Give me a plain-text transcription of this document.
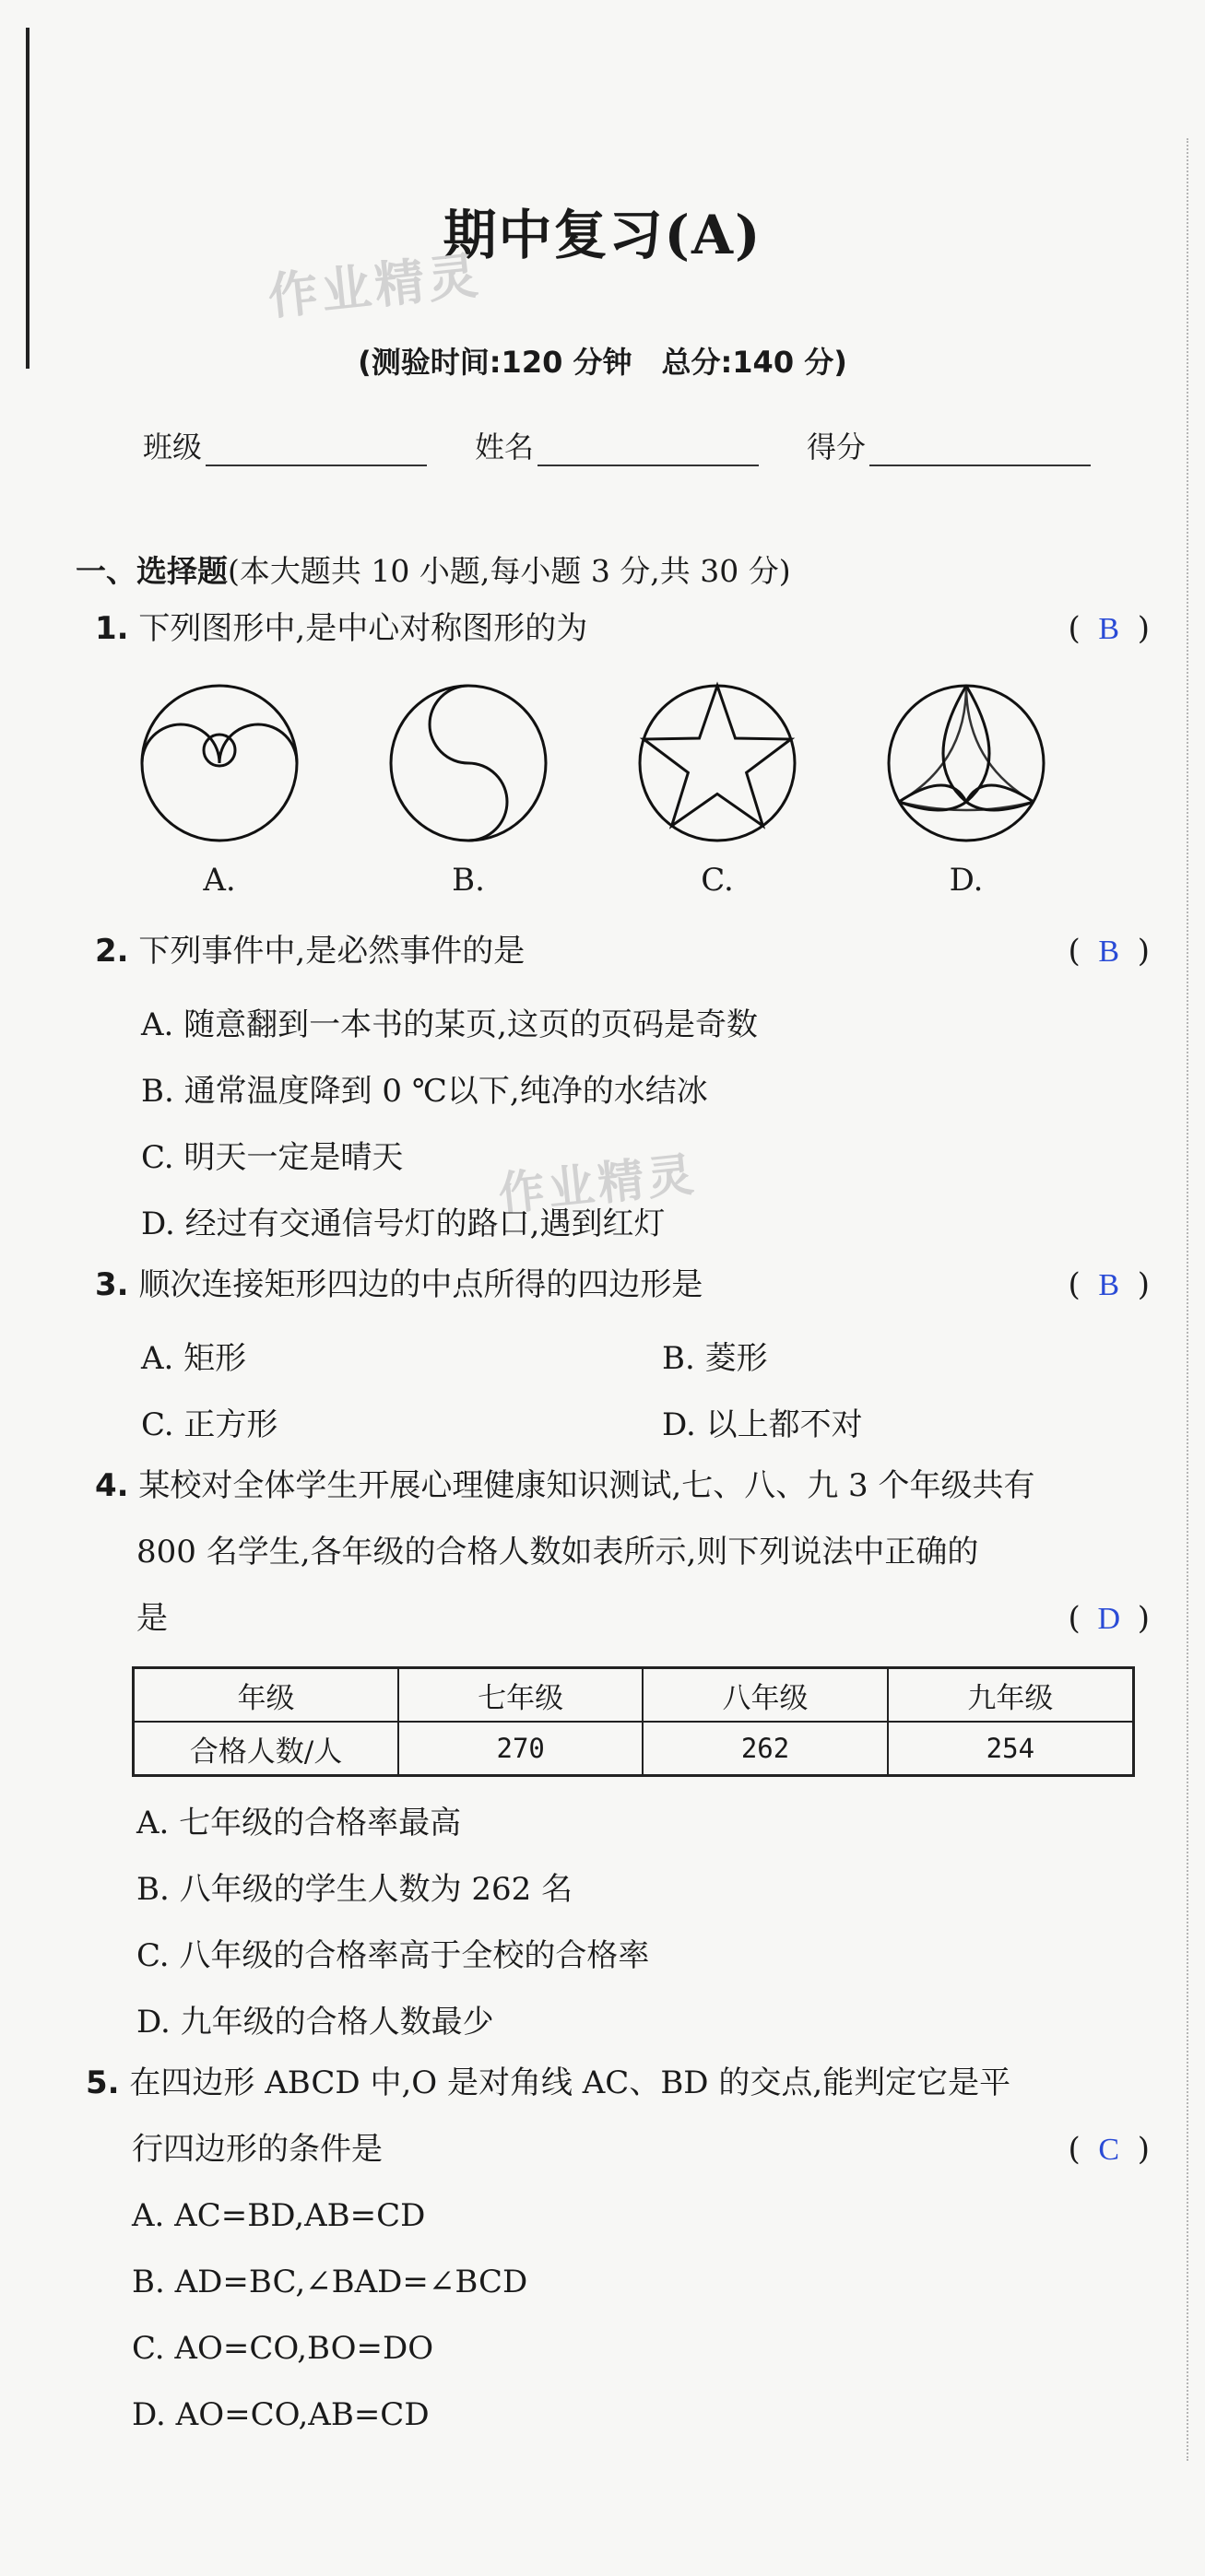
期中复习(A)
作业精灵
作业精灵
(测验时间:120 分钟　总分:140 分)
班级	姓名	得分
一、选择题(本大题共 10 小题,每小题 3 分,共 30 分)
1. 下列图形中,是中心对称图形的为	( B )
A.	B.	C.	D.
2. 下列事件中,是必然事件的是	( B )
A. 随意翻到一本书的某页,这页的页码是奇数
B. 通常温度降到 0 ℃以下,纯净的水结冰
C. 明天一定是晴天
D. 经过有交通信号灯的路口,遇到红灯
3. 顺次连接矩形四边的中点所得的四边形是	( B )
A. 矩形	B. 菱形
C. 正方形	D. 以上都不对
4. 某校对全体学生开展心理健康知识测试,七、八、九 3 个年级共有
800 名学生,各年级的合格人数如表所示,则下列说法中正确的
是	( D )
年级	七年级	八年级	九年级
合格人数/人	270	262	254
A. 七年级的合格率最高
B. 八年级的学生人数为 262 名
C. 八年级的合格率高于全校的合格率
D. 九年级的合格人数最少
5. 在四边形 ABCD 中,O 是对角线 AC、BD 的交点,能判定它是平
行四边形的条件是	( C )
A. AC=BD,AB=CD
B. AD=BC,∠BAD=∠BCD
C. AO=CO,BO=DO
D. AO=CO,AB=CD
